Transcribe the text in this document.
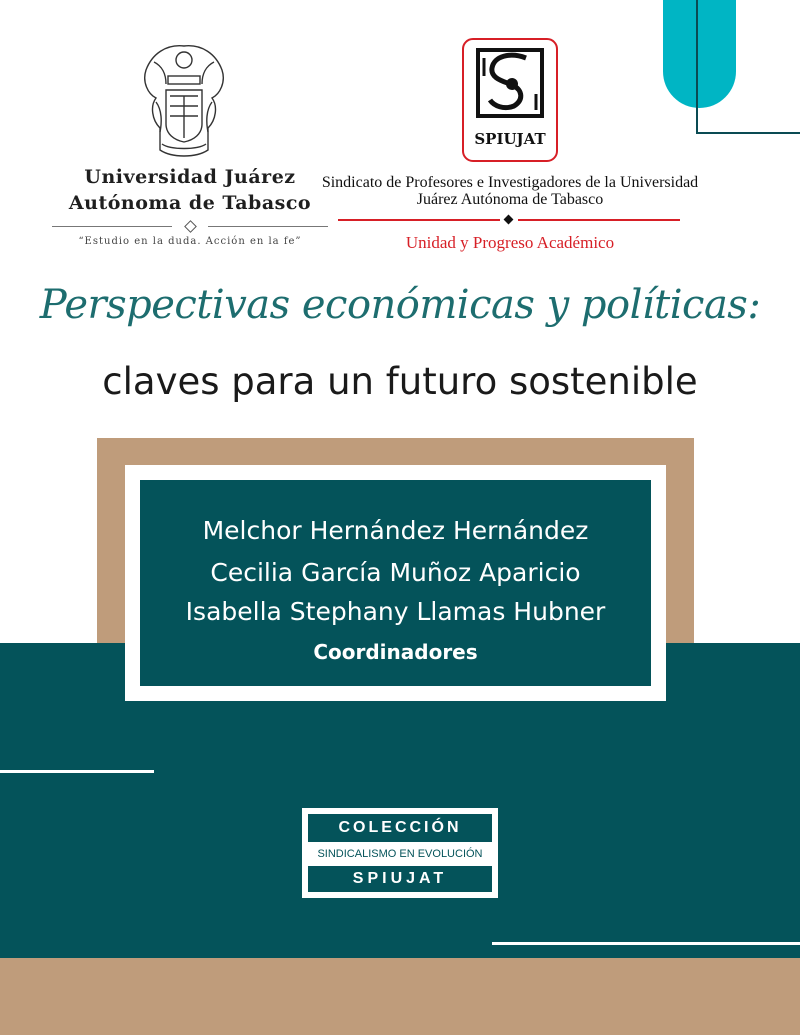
Universidad Juárez
Autónoma de Tabasco
“Estudio en la duda. Acción en la fe”
SPIUJAT
Sindicato de Profesores e Investigadores de la Universidad Juárez Autónoma de Tabasco
Unidad y Progreso Académico
Perspectivas económicas y políticas:
claves para un futuro sostenible
Melchor Hernández Hernández
Cecilia García Muñoz Aparicio
Isabella Stephany Llamas Hubner
Coordinadores
COLECCIÓN
SINDICALISMO EN EVOLUCIÓN
SPIUJAT
